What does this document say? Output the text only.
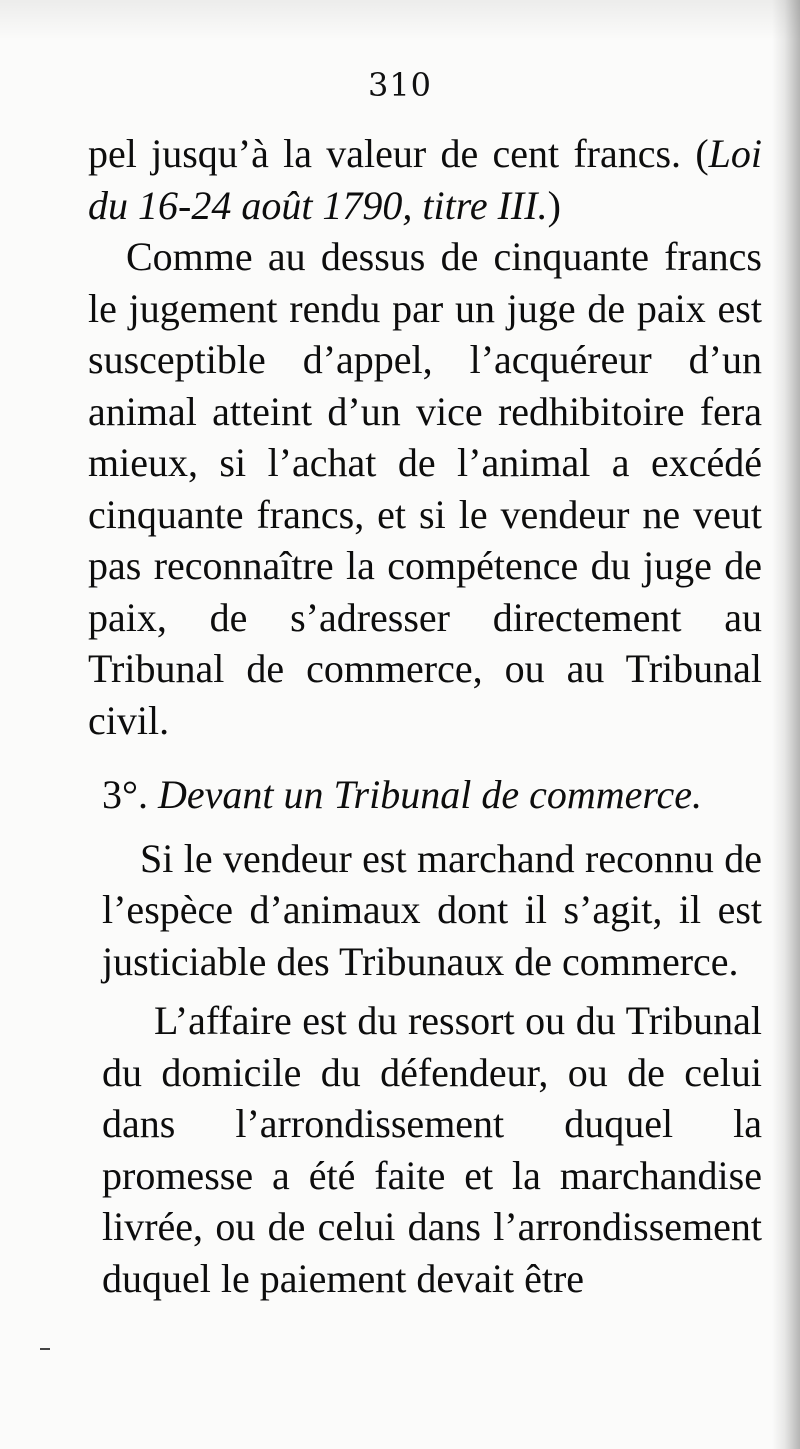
310

pel jusqu’à la valeur de cent francs. (Loi du 16-24 août 1790, titre III.)

Comme au dessus de cinquante francs le jugement rendu par un juge de paix est susceptible d’appel, l’acquéreur d’un animal atteint d’un vice redhibitoire fera mieux, si l’achat de l’animal a excédé cinquante francs, et si le vendeur ne veut pas reconnaître la compétence du juge de paix, de s’adresser directement au Tribunal de commerce, ou au Tribunal civil.

3°. Devant un Tribunal de commerce.

Si le vendeur est marchand reconnu de l’espèce d’animaux dont il s’agit, il est justiciable des Tribunaux de commerce.

L’affaire est du ressort ou du Tribunal du domicile du défendeur, ou de celui dans l’arrondissement duquel la promesse a été faite et la marchandise livrée, ou de celui dans l’arrondissement duquel le paiement devait être
